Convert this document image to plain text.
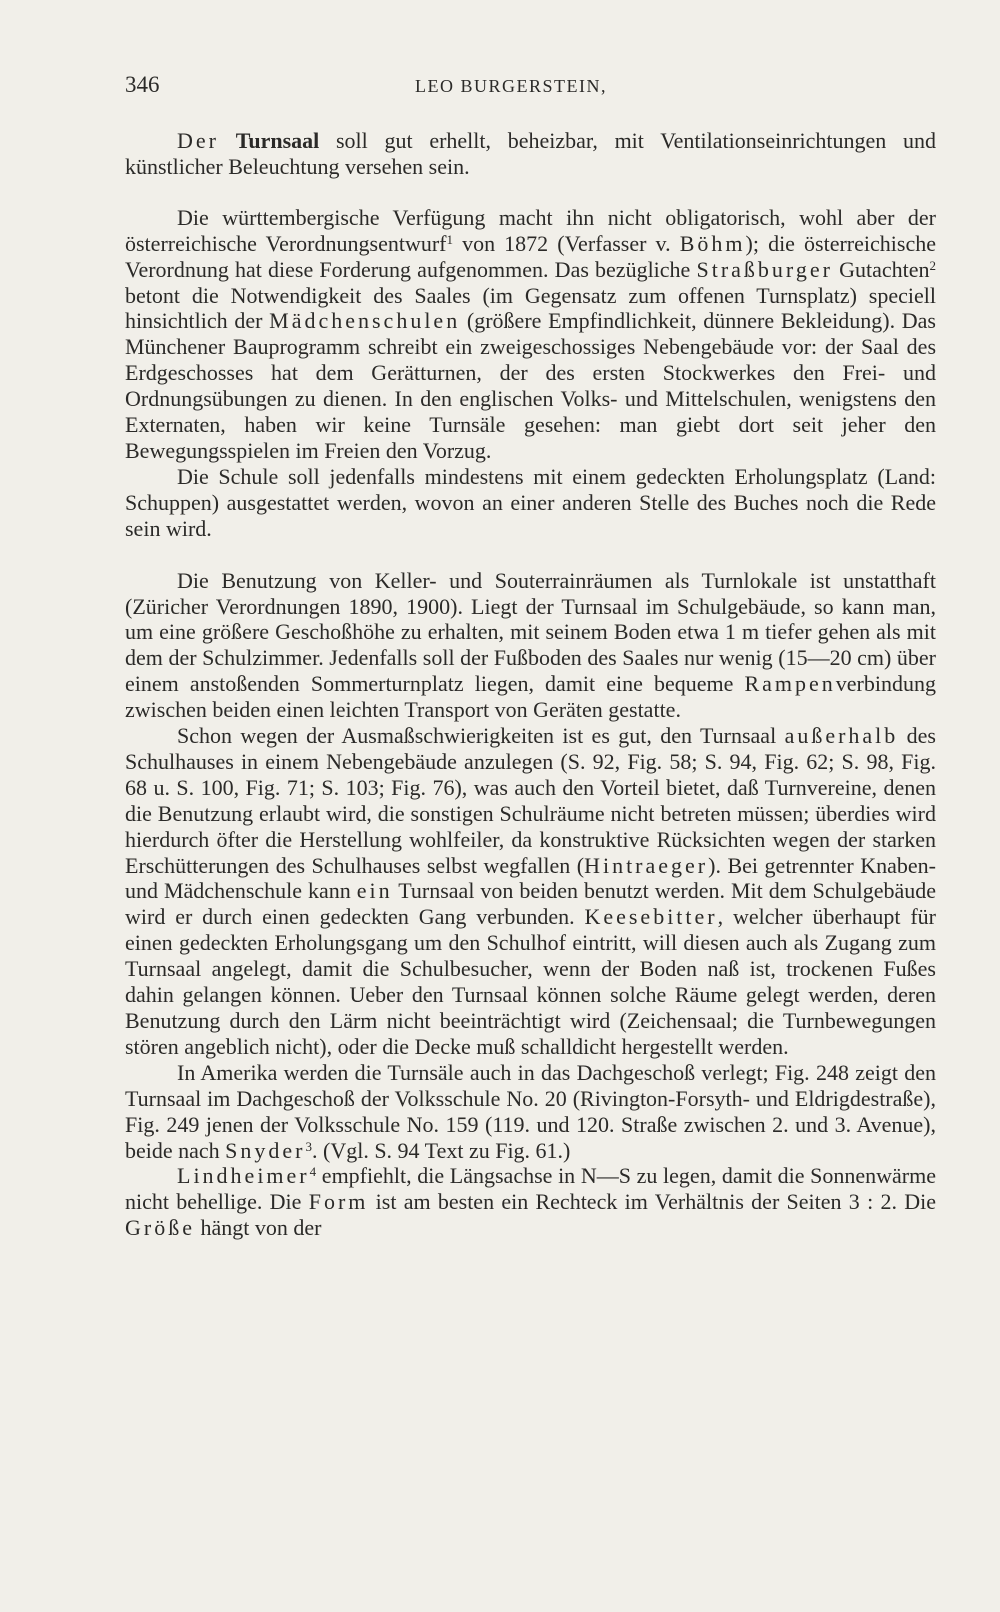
346	LEO BURGERSTEIN,

Der Turnsaal soll gut erhellt, beheizbar, mit Ventilationseinrichtungen und künstlicher Beleuchtung versehen sein.

Die württembergische Verfügung macht ihn nicht obligatorisch, wohl aber der österreichische Verordnungsentwurf$^1$ von 1872 (Verfasser v. Böhm); die österreichische Verordnung hat diese Forderung aufgenommen. Das bezügliche Straßburger Gutachten$^2$ betont die Notwendigkeit des Saales (im Gegensatz zum offenen Turnsplatz) speciell hinsichtlich der Mädchenschulen (größere Empfindlichkeit, dünnere Bekleidung). Das Münchener Bauprogramm schreibt ein zweigeschossiges Nebengebäude vor: der Saal des Erdgeschosses hat dem Gerätturnen, der des ersten Stockwerkes den Frei- und Ordnungsübungen zu dienen. In den englischen Volks- und Mittelschulen, wenigstens den Externaten, haben wir keine Turnsäle gesehen: man giebt dort seit jeher den Bewegungsspielen im Freien den Vorzug.

Die Schule soll jedenfalls mindestens mit einem gedeckten Erholungsplatz (Land: Schuppen) ausgestattet werden, wovon an einer anderen Stelle des Buches noch die Rede sein wird.

Die Benutzung von Keller- und Souterrainräumen als Turnlokale ist unstatthaft (Züricher Verordnungen 1890, 1900). Liegt der Turnsaal im Schulgebäude, so kann man, um eine größere Geschoßhöhe zu erhalten, mit seinem Boden etwa 1 m tiefer gehen als mit dem der Schulzimmer. Jedenfalls soll der Fußboden des Saales nur wenig (15—20 cm) über einem anstoßenden Sommerturnplatz liegen, damit eine bequeme Rampenverbindung zwischen beiden einen leichten Transport von Geräten gestatte.

Schon wegen der Ausmaßschwierigkeiten ist es gut, den Turnsaal außerhalb des Schulhauses in einem Nebengebäude anzulegen (S. 92, Fig. 58; S. 94, Fig. 62; S. 98, Fig. 68 u. S. 100, Fig. 71; S. 103; Fig. 76), was auch den Vorteil bietet, daß Turnvereine, denen die Benutzung erlaubt wird, die sonstigen Schulräume nicht betreten müssen; überdies wird hierdurch öfter die Herstellung wohlfeiler, da konstruktive Rücksichten wegen der starken Erschütterungen des Schulhauses selbst wegfallen (Hintraeger). Bei getrennter Knaben- und Mädchenschule kann ein Turnsaal von beiden benutzt werden. Mit dem Schulgebäude wird er durch einen gedeckten Gang verbunden. Keesebitter, welcher überhaupt für einen gedeckten Erholungsgang um den Schulhof eintritt, will diesen auch als Zugang zum Turnsaal angelegt, damit die Schulbesucher, wenn der Boden naß ist, trockenen Fußes dahin gelangen können. Ueber den Turnsaal können solche Räume gelegt werden, deren Benutzung durch den Lärm nicht beeinträchtigt wird (Zeichensaal; die Turnbewegungen stören angeblich nicht), oder die Decke muß schalldicht hergestellt werden.

In Amerika werden die Turnsäle auch in das Dachgeschoß verlegt; Fig. 248 zeigt den Turnsaal im Dachgeschoß der Volksschule No. 20 (Rivington-Forsyth- und Eldrigdestraße), Fig. 249 jenen der Volksschule No. 159 (119. und 120. Straße zwischen 2. und 3. Avenue), beide nach Snyder$^3$. (Vgl. S. 94 Text zu Fig. 61.)

Lindheimer$^4$ empfiehlt, die Längsachse in N—S zu legen, damit die Sonnenwärme nicht behellige. Die Form ist am besten ein Rechteck im Verhältnis der Seiten 3 : 2. Die Größe hängt von der
